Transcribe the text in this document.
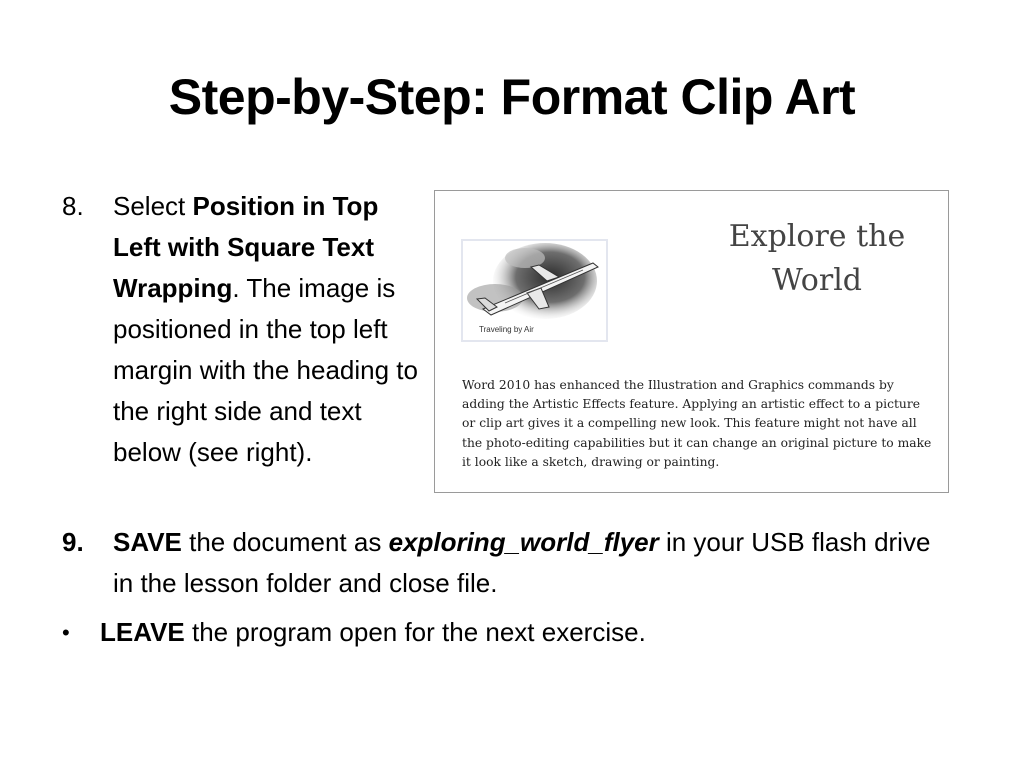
Step-by-Step: Format Clip Art
8. Select Position in Top Left with Square Text Wrapping. The image is positioned in the top left margin with the heading to the right side and text below (see right).
Explore the World
Traveling by Air
Word 2010 has enhanced the Illustration and Graphics commands by adding the Artistic Effects feature. Applying an artistic effect to a picture or clip art gives it a compelling new look. This feature might not have all the photo-editing capabilities but it can change an original picture to make it look like a sketch, drawing or painting.
9. SAVE the document as exploring_world_flyer in your USB flash drive in the lesson folder and close file.
• LEAVE the program open for the next exercise.
